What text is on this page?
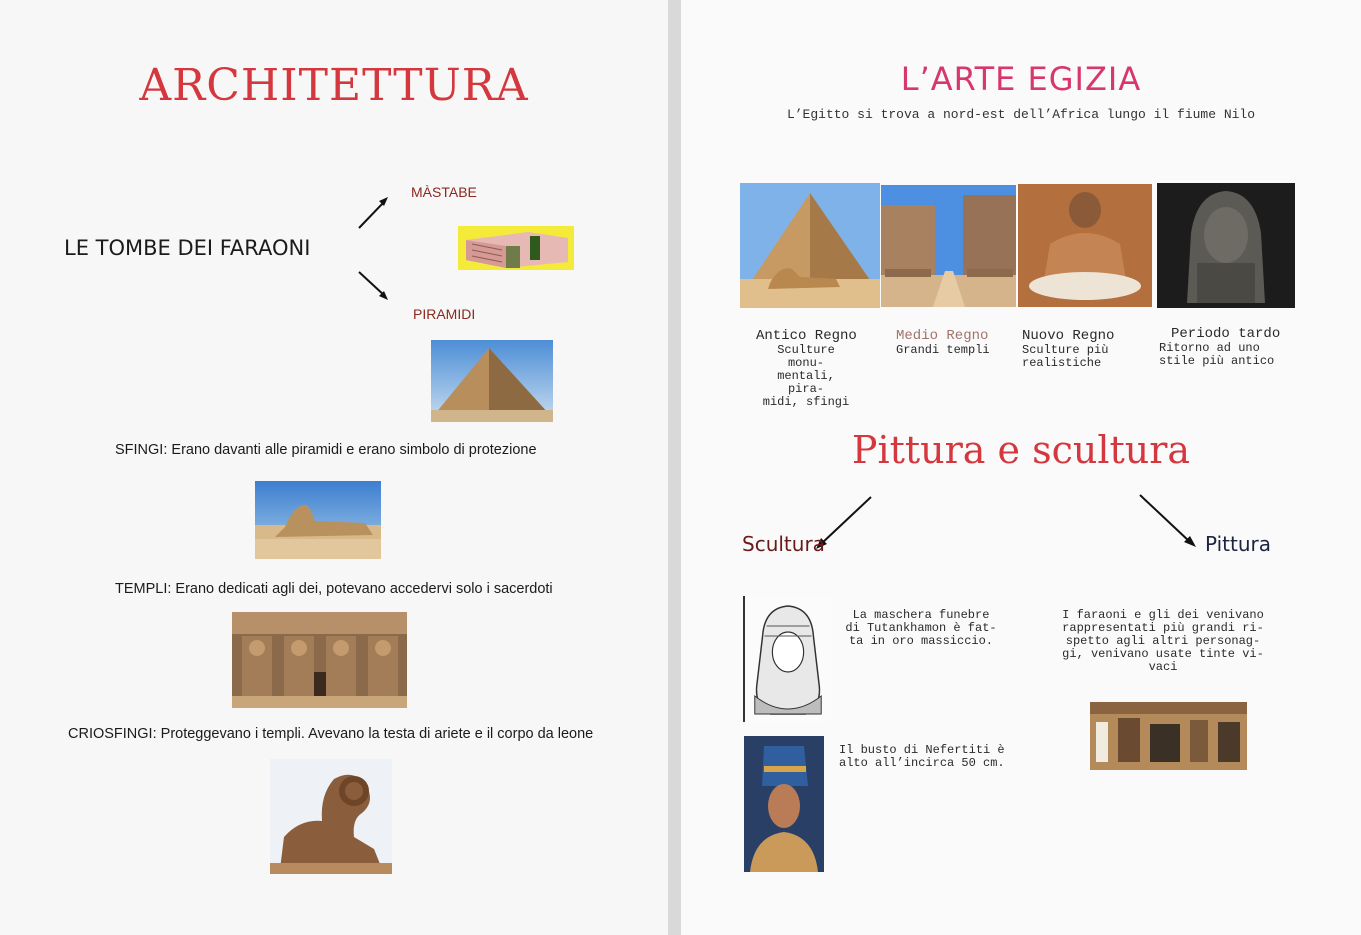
ARCHITETTURA
LE TOMBE DEI FARAONI
MÀSTABE
PIRAMIDI
SFINGI: Erano davanti alle piramidi e erano simbolo di protezione
TEMPLI: Erano dedicati agli dei, potevano accedervi solo i sacerdoti
CRIOSFINGI: Proteggevano i templi. Avevano la testa di ariete e il corpo da leone
L’ARTE EGIZIA
L’Egitto si trova a nord-est dell’Africa lungo il fiume Nilo
Antico Regno
Sculture monu-
mentali, pira-
midi, sfingi
Medio Regno
Grandi templi
Nuovo Regno
Sculture più
realistiche
Periodo tardo
Ritorno ad uno
stile più antico
Pittura e scultura
Scultura	Pittura
La maschera funebre
di Tutankhamon è fat-
ta in oro massiccio.
I faraoni e gli dei venivano
rappresentati più grandi ri-
spetto agli altri personag-
gi, venivano usate tinte vi-
vaci
Il busto di Nefertiti è
alto all’incirca 50 cm.
